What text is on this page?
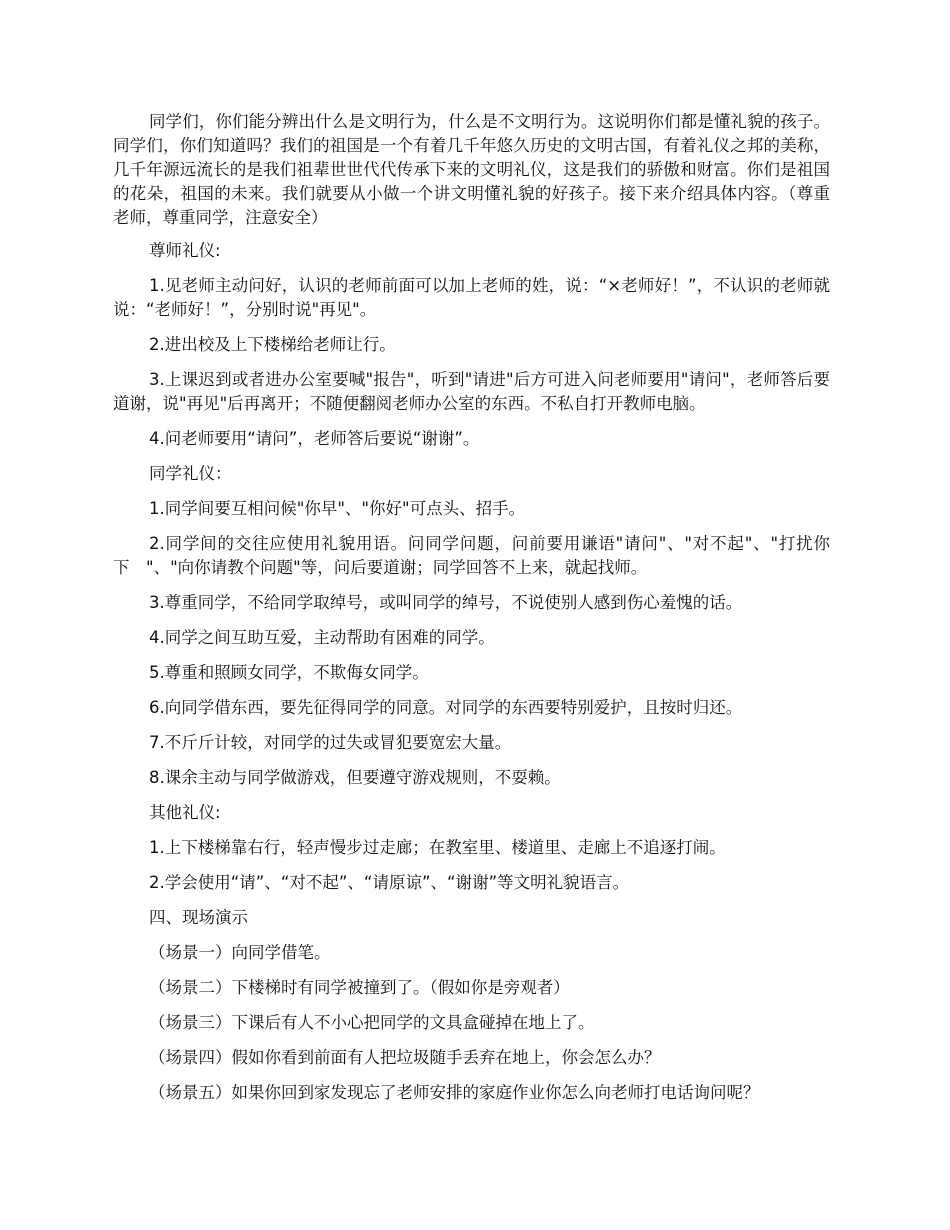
同学们，你们能分辨出什么是文明行为，什么是不文明行为。这说明你们都是懂礼貌的孩子。同学们，你们知道吗？我们的祖国是一个有着几千年悠久历史的文明古国，有着礼仪之邦的美称，几千年源远流长的是我们祖辈世世代代传承下来的文明礼仪，这是我们的骄傲和财富。你们是祖国的花朵，祖国的未来。我们就要从小做一个讲文明懂礼貌的好孩子。接下来介绍具体内容。（尊重老师，尊重同学，注意安全）

尊师礼仪:

1.见老师主动问好，认识的老师前面可以加上老师的姓，说：“×老师好！”，不认识的老师就说：“老师好！”，分别时说"再见"。

2.进出校及上下楼梯给老师让行。

3.上课迟到或者进办公室要喊"报告"，听到"请进"后方可进入问老师要用"请问"，老师答后要道谢，说"再见"后再离开；不随便翻阅老师办公室的东西。不私自打开教师电脑。

4.问老师要用“请问”，老师答后要说“谢谢”。

同学礼仪：

1.同学间要互相问候"你早"、"你好"可点头、招手。

2.同学间的交往应使用礼貌用语。问同学问题，问前要用谦语"请问"、"对不起"、"打扰你下　"、"向你请教个问题"等，问后要道谢；同学回答不上来，就起找师。

3.尊重同学，不给同学取绰号，或叫同学的绰号，不说使别人感到伤心羞愧的话。

4.同学之间互助互爱，主动帮助有困难的同学。

5.尊重和照顾女同学，不欺侮女同学。

6.向同学借东西，要先征得同学的同意。对同学的东西要特别爱护，且按时归还。

7.不斤斤计较，对同学的过失或冒犯要宽宏大量。

8.课余主动与同学做游戏，但要遵守游戏规则，不耍赖。

其他礼仪:

1.上下楼梯靠右行，轻声慢步过走廊；在教室里、楼道里、走廊上不追逐打闹。

2.学会使用“请”、“对不起”、“请原谅”、“谢谢”等文明礼貌语言。

四、现场演示

（场景一）向同学借笔。

（场景二）下楼梯时有同学被撞到了。（假如你是旁观者）

（场景三）下课后有人不小心把同学的文具盒碰掉在地上了。

（场景四）假如你看到前面有人把垃圾随手丢弃在地上，你会怎么办？

（场景五）如果你回到家发现忘了老师安排的家庭作业你怎么向老师打电话询问呢？
